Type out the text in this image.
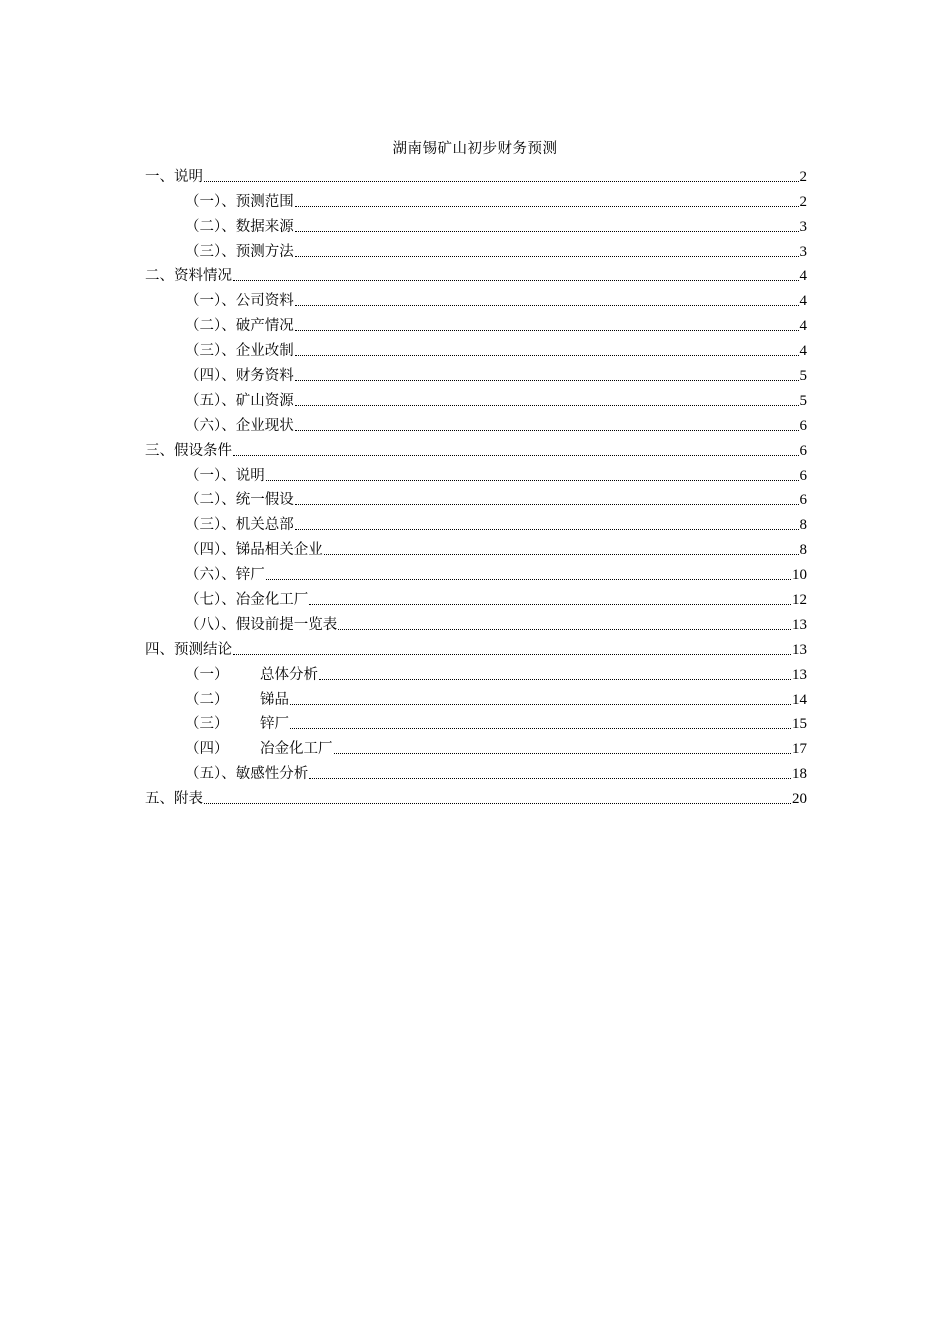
湖南锡矿山初步财务预测
一、说明	2
（一）、预测范围	2
（二）、数据来源	3
（三）、预测方法	3
二、资料情况	4
（一）、公司资料	4
（二）、破产情况	4
（三）、企业改制	4
（四）、财务资料	5
（五）、矿山资源	5
（六）、企业现状	6
三、假设条件	6
（一）、说明	6
（二）、统一假设	6
（三）、机关总部	8
（四）、锑品相关企业	8
（六）、锌厂	10
（七）、冶金化工厂	12
（八）、假设前提一览表	13
四、预测结论	13
（一）	总体分析	13
（二）	锑品	14
（三）	锌厂	15
（四）	冶金化工厂	17
（五）、敏感性分析	18
五、附表	20
